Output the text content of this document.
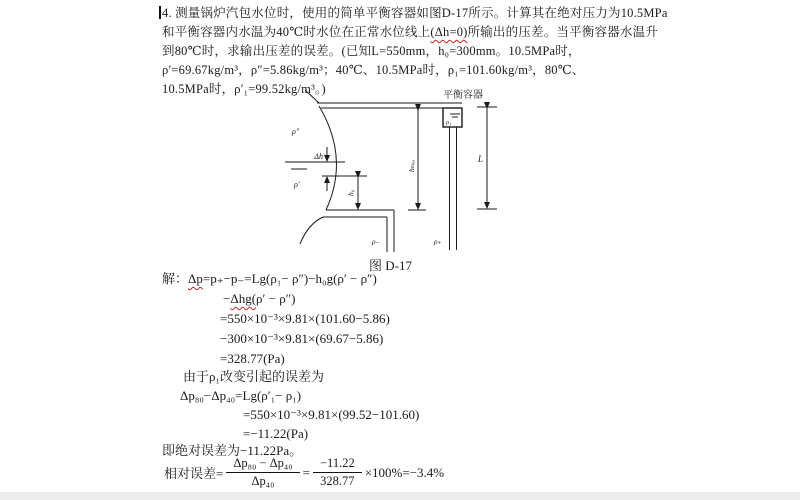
4. 测量锅炉汽包水位时，使用的简单平衡容器如图D-17所示。计算其在绝对压力为10.5MPa
和平衡容器内水温为40℃时水位在正常水位线上(Δh=0)所输出的压差。当平衡容器水温升
到80℃时，求输出压差的误差。(已知L=550mm，h₀=300mm。10.5MPa时，
ρ′=69.67kg/m³，ρ″=5.86kg/m³；40℃、10.5MPa时，ρ₁=101.60kg/m³，80℃、
10.5MPa时，ρ′₁=99.52kg/m³。)	平衡容器
ρ″
ρ′
Δh
ρ₁
ρ₊
ρ₋
h₀
hₘₐₓ
L
图 D-17
解：Δp=p₊−p₋=Lg(ρ₁− ρ″)−h₀g(ρ′ − ρ″)
−Δhg(ρ′ − ρ″)
=550×10⁻³×9.81×(101.60−5.86)
−300×10⁻³×9.81×(69.67−5.86)
=328.77(Pa)
由于ρ₁改变引起的误差为
Δp₈₀−Δp₄₀=Lg(ρ′₁− ρ₁)
=550×10⁻³×9.81×(99.52−101.60)
=−11.22(Pa)
即绝对误差为−11.22Pa。
相对误差= $\frac{\text{Δp₈₀ − Δp₄₀}}{\text{Δp₄₀}} = \frac{-11.22}{328.77} \times 100\%=-3.4\%$
